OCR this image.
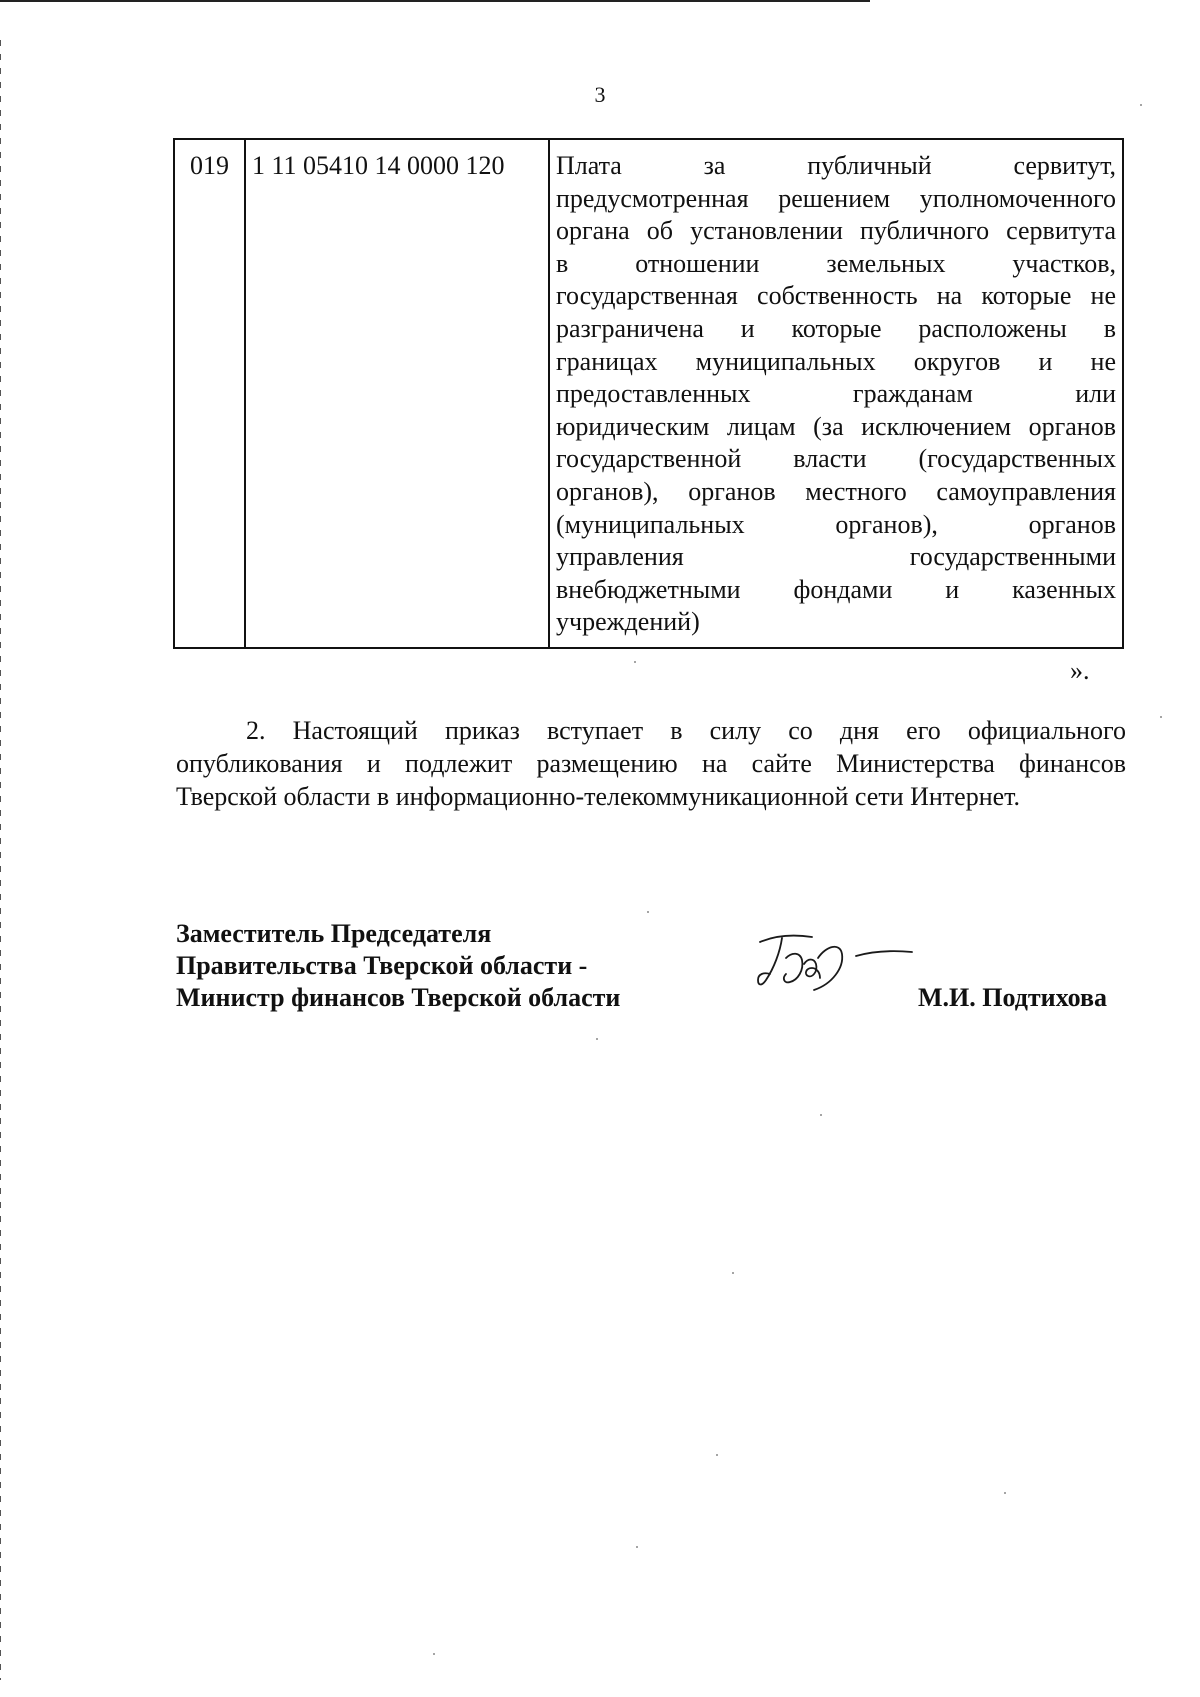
3
019	1 11 05410 14 0000 120	Плата за публичный сервитут,
предусмотренная решением уполномоченного
органа об установлении публичного сервитута
в отношении земельных участков,
государственная собственность на которые не
разграничена и которые расположены в
границах муниципальных округов и не
предоставленных гражданам или
юридическим лицам (за исключением органов
государственной власти (государственных
органов), органов местного самоуправления
(муниципальных органов), органов
управления государственными
внебюджетными фондами и казенных
учреждений)
».
2. Настоящий приказ вступает в силу со дня его официального
опубликования и подлежит размещению на сайте Министерства финансов
Тверской области в информационно-телекоммуникационной сети Интернет.
Заместитель Председателя
Правительства Тверской области -
Министр финансов Тверской области	М.И. Подтихова
